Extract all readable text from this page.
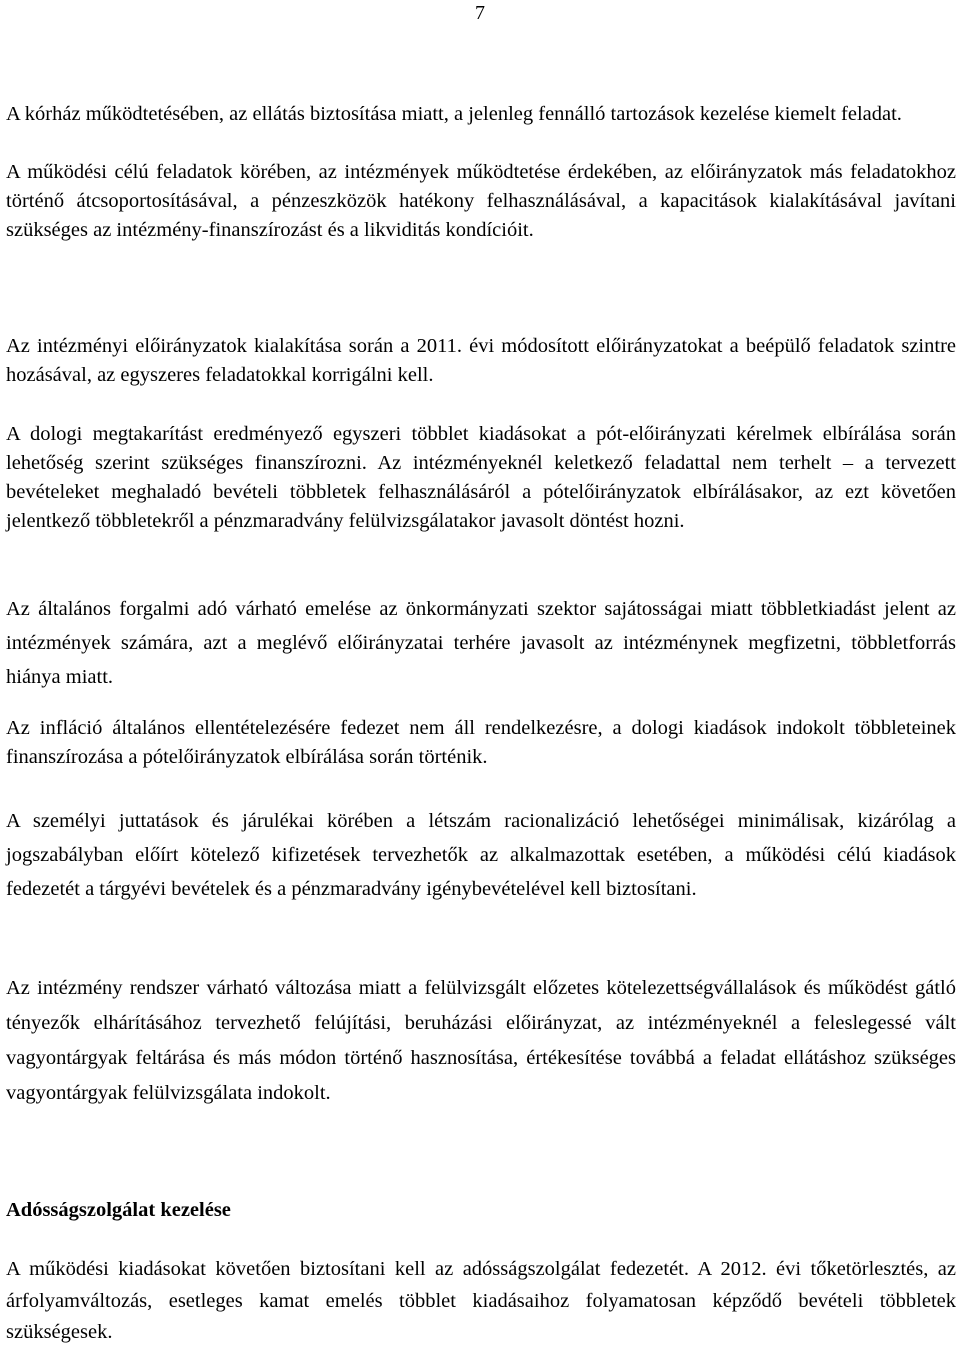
7

A kórház működtetésében, az ellátás biztosítása miatt, a jelenleg fennálló tartozások kezelése kiemelt feladat.

A működési célú feladatok körében, az intézmények működtetése érdekében, az előirányzatok más feladatokhoz történő átcsoportosításával, a pénzeszközök hatékony felhasználásával, a kapacitások kialakításával javítani szükséges az intézmény-finanszírozást és a likviditás kondícióit.

Az intézményi előirányzatok kialakítása során a 2011. évi módosított előirányzatokat a beépülő feladatok szintre hozásával, az egyszeres feladatokkal korrigálni kell.

A dologi megtakarítást eredményező egyszeri többlet kiadásokat a pót-előirányzati kérelmek elbírálása során lehetőség szerint szükséges finanszírozni. Az intézményeknél keletkező feladattal nem terhelt – a tervezett bevételeket meghaladó bevételi többletek felhasználásáról a pótelőirányzatok elbírálásakor, az ezt követően jelentkező többletekről a pénzmaradvány felülvizsgálatakor javasolt döntést hozni.

Az általános forgalmi adó várható emelése az önkormányzati szektor sajátosságai miatt többletkiadást jelent az intézmények számára, azt a meglévő előirányzatai terhére javasolt az intézménynek megfizetni, többletforrás hiánya miatt.

Az infláció általános ellentételezésére fedezet nem áll rendelkezésre, a dologi kiadások indokolt többleteinek finanszírozása a pótelőirányzatok elbírálása során történik.

A személyi juttatások és járulékai körében a létszám racionalizáció lehetőségei minimálisak, kizárólag a jogszabályban előírt kötelező kifizetések tervezhetők az alkalmazottak esetében, a működési célú kiadások fedezetét a tárgyévi bevételek és a pénzmaradvány igénybevételével kell biztosítani.

Az intézmény rendszer várható változása miatt a felülvizsgált előzetes kötelezettségvállalások és működést gátló tényezők elhárításához tervezhető felújítási, beruházási előirányzat, az intézményeknél a feleslegessé vált vagyontárgyak feltárása és más módon történő hasznosítása, értékesítése továbbá a feladat ellátáshoz szükséges vagyontárgyak felülvizsgálata indokolt.

Adósságszolgálat kezelése

A működési kiadásokat követően biztosítani kell az adósságszolgálat fedezetét. A 2012. évi tőketörlesztés, az árfolyamváltozás, esetleges kamat emelés többlet kiadásaihoz folyamatosan képződő bevételi többletek szükségesek.
